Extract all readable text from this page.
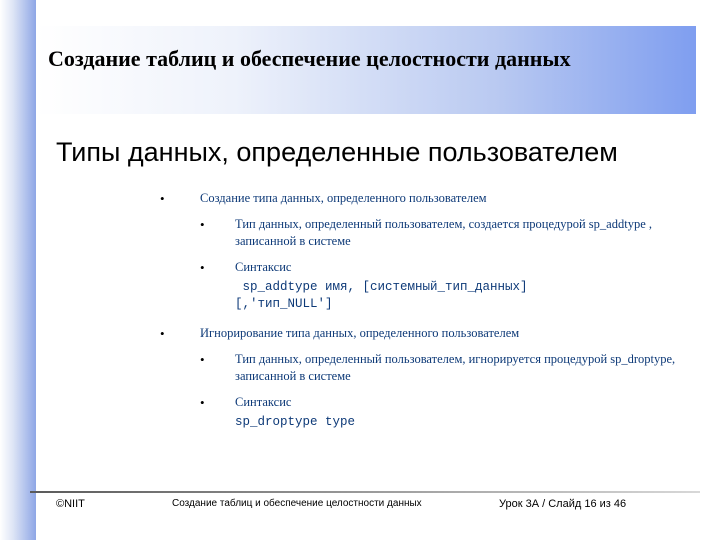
Создание таблиц и обеспечение целостности данных
Типы данных, определенные пользователем
•	Создание типа данных, определенного пользователем
• Тип данных, определенный пользователем, создается процедурой sp_addtype , записанной в системе
• Синтаксис
sp_addtype имя, [системный_тип_данных]
[,'тип_NULL']
•	Игнорирование типа данных, определенного пользователем
• Тип данных, определенный пользователем, игнорируется процедурой sp_droptype, записанной в системе
• Синтаксис
sp_droptype type
©NIIT	Создание таблиц и обеспечение целостности данных	Урок 3А / Слайд 16 из 46
